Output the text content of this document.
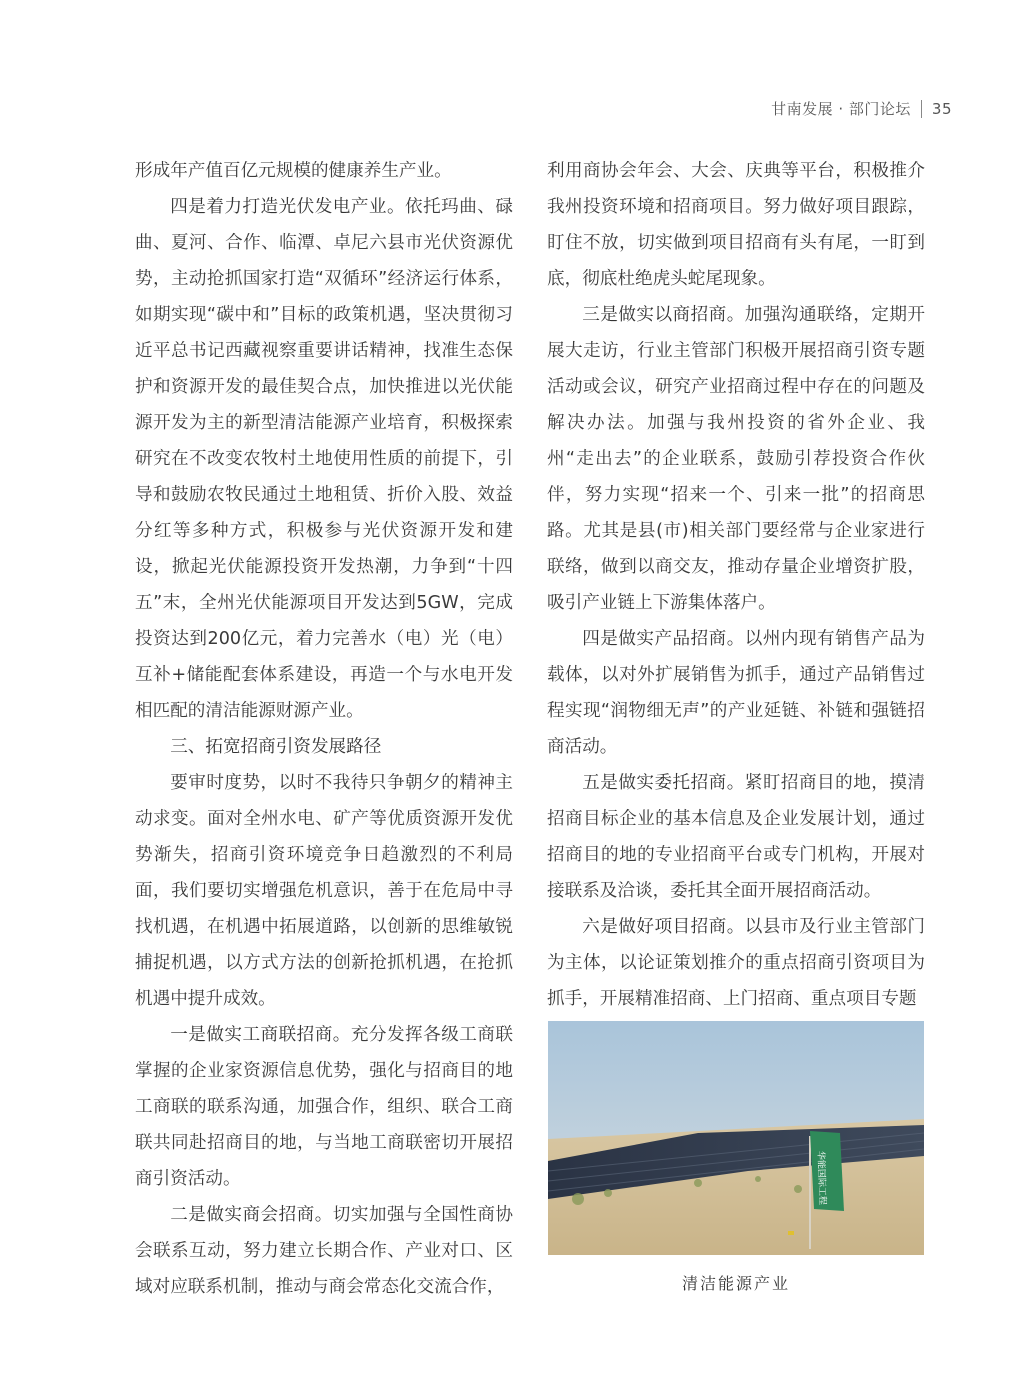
甘南发展 · 部门论坛 35

形成年产值百亿元规模的健康养生产业。

四是着力打造光伏发电产业。依托玛曲、碌曲、夏河、合作、临潭、卓尼六县市光伏资源优势，主动抢抓国家打造“双循环”经济运行体系，如期实现“碳中和”目标的政策机遇，坚决贯彻习近平总书记西藏视察重要讲话精神，找准生态保护和资源开发的最佳契合点，加快推进以光伏能源开发为主的新型清洁能源产业培育，积极探索研究在不改变农牧村土地使用性质的前提下，引导和鼓励农牧民通过土地租赁、折价入股、效益分红等多种方式，积极参与光伏资源开发和建设，掀起光伏能源投资开发热潮，力争到“十四五”末，全州光伏能源项目开发达到5GW，完成投资达到200亿元，着力完善水（电）光（电）互补+储能配套体系建设，再造一个与水电开发相匹配的清洁能源财源产业。

三、拓宽招商引资发展路径

要审时度势，以时不我待只争朝夕的精神主动求变。面对全州水电、矿产等优质资源开发优势渐失，招商引资环境竞争日趋激烈的不利局面，我们要切实增强危机意识，善于在危局中寻找机遇，在机遇中拓展道路，以创新的思维敏锐捕捉机遇，以方式方法的创新抢抓机遇，在抢抓机遇中提升成效。

一是做实工商联招商。充分发挥各级工商联掌握的企业家资源信息优势，强化与招商目的地工商联的联系沟通，加强合作，组织、联合工商联共同赴招商目的地，与当地工商联密切开展招商引资活动。

二是做实商会招商。切实加强与全国性商协会联系互动，努力建立长期合作、产业对口、区域对应联系机制，推动与商会常态化交流合作，

利用商协会年会、大会、庆典等平台，积极推介我州投资环境和招商项目。努力做好项目跟踪，盯住不放，切实做到项目招商有头有尾，一盯到底，彻底杜绝虎头蛇尾现象。

三是做实以商招商。加强沟通联络，定期开展大走访，行业主管部门积极开展招商引资专题活动或会议，研究产业招商过程中存在的问题及解决办法。加强与我州投资的省外企业、我州“走出去”的企业联系，鼓励引荐投资合作伙伴，努力实现“招来一个、引来一批”的招商思路。尤其是县(市)相关部门要经常与企业家进行联络，做到以商交友，推动存量企业增资扩股，吸引产业链上下游集体落户。

四是做实产品招商。以州内现有销售产品为载体，以对外扩展销售为抓手，通过产品销售过程实现“润物细无声”的产业延链、补链和强链招商活动。

五是做实委托招商。紧盯招商目的地，摸清招商目标企业的基本信息及企业发展计划，通过招商目的地的专业招商平台或专门机构，开展对接联系及洽谈，委托其全面开展招商活动。

六是做好项目招商。以县市及行业主管部门为主体，以论证策划推介的重点招商引资项目为抓手，开展精准招商、上门招商、重点项目专题

华能国际工程
清洁能源产业
